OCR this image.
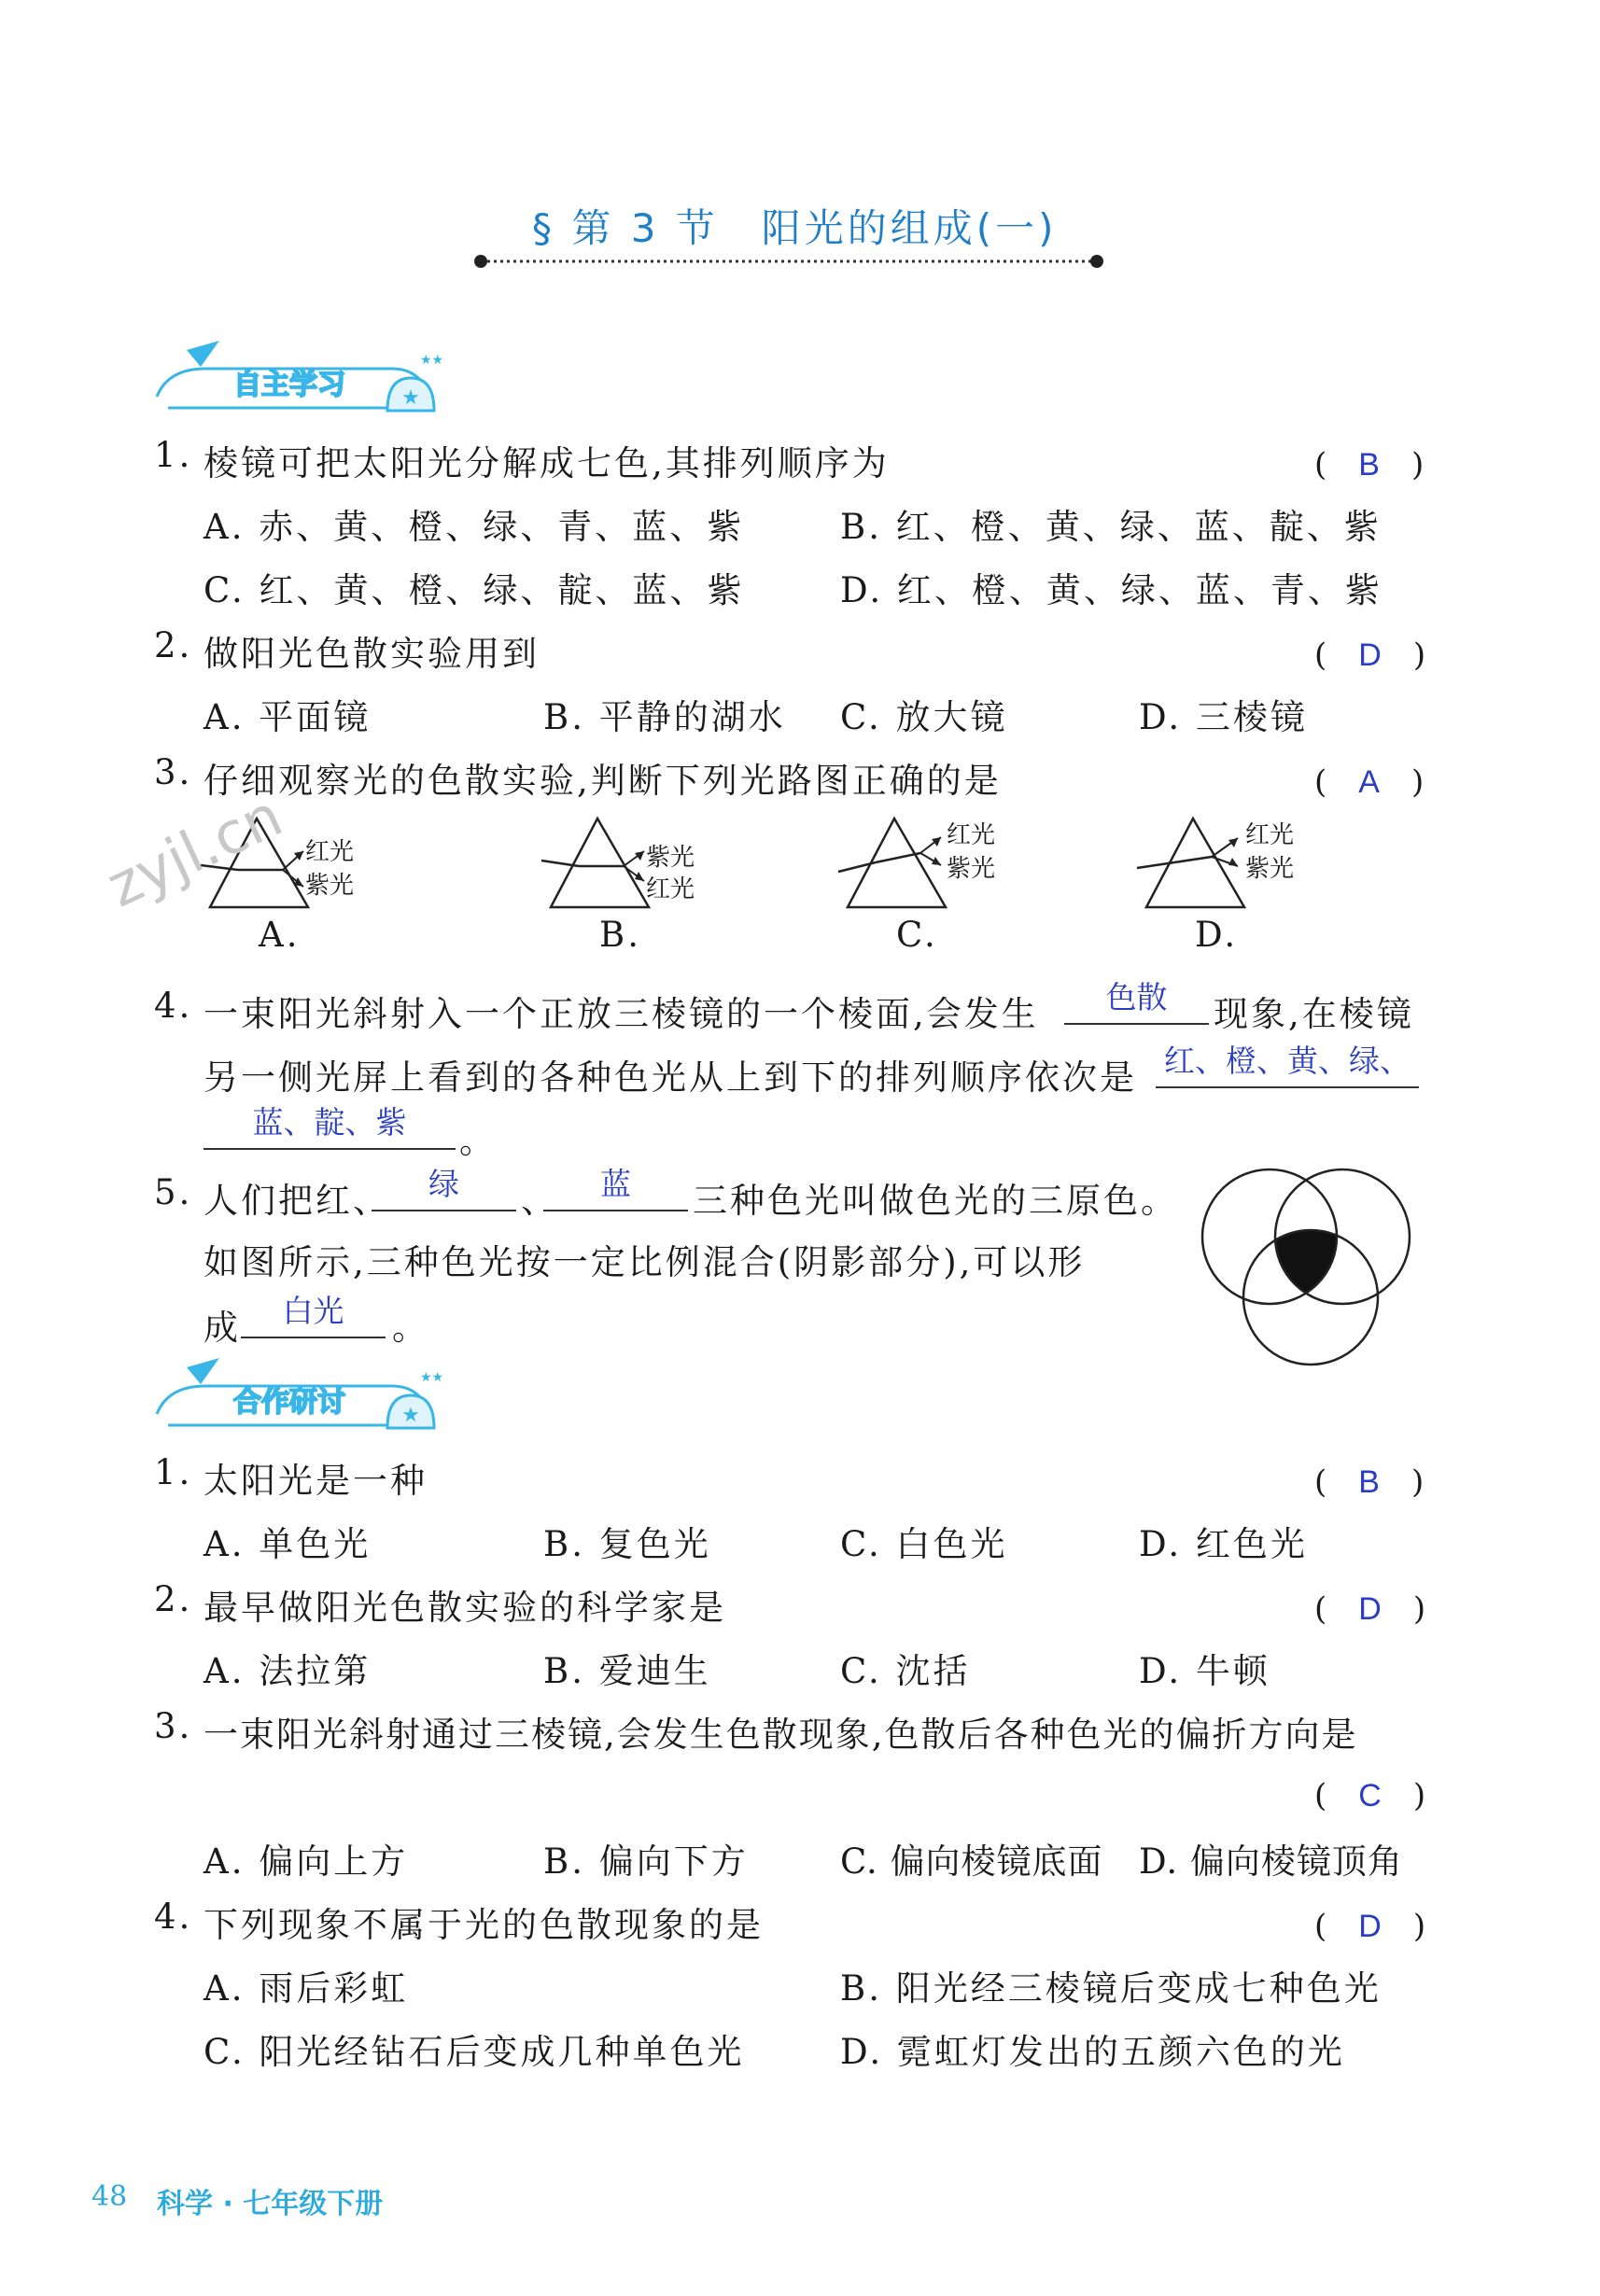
§ 第 3 节　阳光的组成(一)
★
★★
自主学习
1. 棱镜可把太阳光分解成七色,其排列顺序为	(　B　)
A. 赤、黄、橙、绿、青、蓝、紫	B. 红、橙、黄、绿、蓝、靛、紫
C. 红、黄、橙、绿、靛、蓝、紫	D. 红、橙、黄、绿、蓝、青、紫
2. 做阳光色散实验用到	(　D　)
A. 平面镜	B. 平静的湖水 C. 放大镜	D. 三棱镜
3. 仔细观察光的色散实验,判断下列光路图正确的是	(　A　)
红光
紫光
A.
紫光
红光
B.
红光
紫光
C.
红光
紫光
D.
zyjl.cn
4. 一束阳光斜射入一个正放三棱镜的一个棱面,会发生	色散	现象,在棱镜
另一侧光屏上看到的各种色光从上到下的排列顺序依次是 红、橙、黄、绿、
蓝、靛、紫	。
5. 人们把红、	绿	、	蓝	三种色光叫做色光的三原色。
如图所示,三种色光按一定比例混合(阴影部分),可以形
成	白光	。
★
★★
合作研讨
1. 太阳光是一种	(　B　)
A. 单色光	B. 复色光	C. 白色光	D. 红色光
2. 最早做阳光色散实验的科学家是	(　D　)
A. 法拉第	B. 爱迪生	C. 沈括	D. 牛顿
3. 一束阳光斜射通过三棱镜,会发生色散现象,色散后各种色光的偏折方向是
(　C　)
A. 偏向上方	B. 偏向下方	C. 偏向棱镜底面 D. 偏向棱镜顶角
4. 下列现象不属于光的色散现象的是	(　D　)
A. 雨后彩虹	B. 阳光经三棱镜后变成七种色光
C. 阳光经钻石后变成几种单色光	D. 霓虹灯发出的五颜六色的光
48 科学 · 七年级下册
